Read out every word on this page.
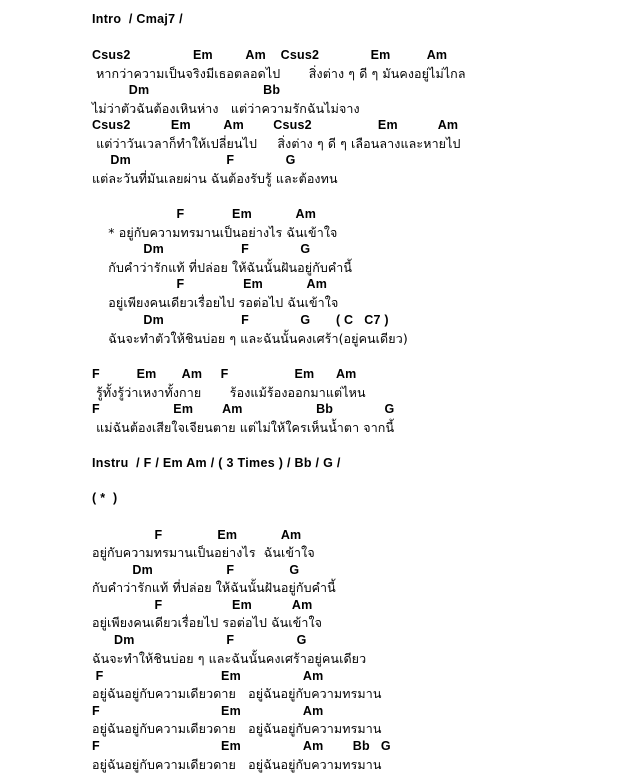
Intro  / Cmaj7 /
Csus2                 Em         Am    Csus2              Em          Am
หากว่าความเป็นจริงมีเธอตลอดไป       สิ่งต่าง ๆ ดี ๆ มันคงอยู่ไม่ไกล
Dm                               Bb
ไม่ว่าตัวฉันต้องเหินห่าง   แต่ว่าความรักฉันไม่จาง
Csus2           Em         Am        Csus2                  Em           Am
แต่ว่าวันเวลาก็ทำให้เปลี่ยนไป     สิ่งต่าง ๆ ดี ๆ เลือนลางและหายไป
Dm                          F              G
แต่ละวันที่มันเลยผ่าน ฉันต้องรับรู้ และต้องทน
F             Em            Am
* อยู่กับความทรมานเป็นอย่างไร ฉันเข้าใจ
Dm                     F              G
กับคำว่ารักแท้ ที่ปล่อย ให้ฉันนั้นฝันอยู่กับคำนี้
F                Em            Am
อยู่เพียงคนเดียวเรื่อยไป รอต่อไป ฉันเข้าใจ
Dm                     F              G       ( C   C7 )
ฉันจะทำตัวให้ชินบ่อย ๆ และฉันนั้นคงเศร้า(อยู่คนเดียว)
F          Em       Am     F                  Em      Am
รู้ทั้งรู้ว่าเหงาทั้งกาย       ร้องแม้ร้องออกมาแต่ไหน
F                    Em        Am                    Bb              G
แม่ฉันต้องเสียใจเจียนตาย แต่ไม่ให้ใครเห็นน้ำตา จากนี้
Instru  / F / Em Am / ( 3 Times ) / Bb / G /
( *  )
F               Em            Am
อยู่กับความทรมานเป็นอย่างไร  ฉันเข้าใจ
Dm                    F               G
กับคำว่ารักแท้ ที่ปล่อย ให้ฉันนั้นฝันอยู่กับคำนี้
F                   Em           Am
อยู่เพียงคนเดียวเรื่อยไป รอต่อไป ฉันเข้าใจ
Dm                         F                 G
ฉันจะทำให้ชินบ่อย ๆ และฉันนั้นคงเศร้าอยู่คนเดียว
F                                Em                 Am
อยู่ฉันอยู่กับความเดียวดาย   อยู่ฉันอยู่กับความทรมาน
F                                 Em                 Am
อยู่ฉันอยู่กับความเดียวดาย   อยู่ฉันอยู่กับความทรมาน
F                                 Em                 Am        Bb   G
อยู่ฉันอยู่กับความเดียวดาย   อยู่ฉันอยู่กับความทรมาน
